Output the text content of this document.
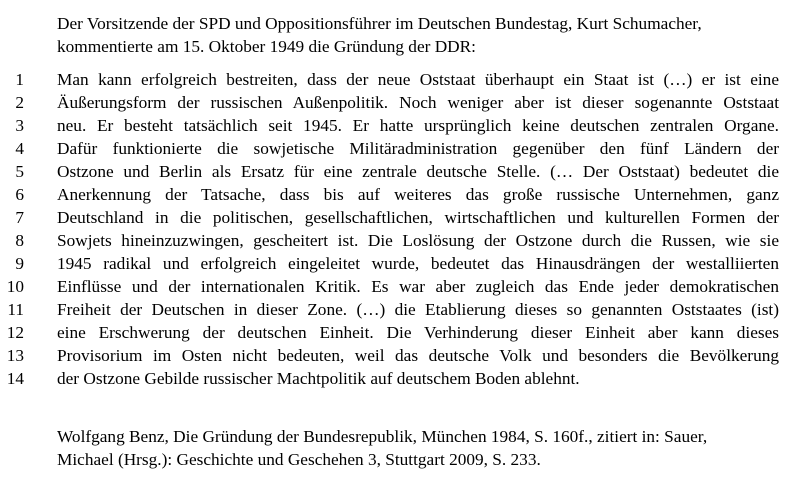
Der Vorsitzende der SPD und Oppositionsführer im Deutschen Bundestag, Kurt Schumacher,

kommentierte am 15. Oktober 1949 die Gründung der DDR:

1 Man kann erfolgreich bestreiten, dass der neue Oststaat überhaupt ein Staat ist (…) er ist eine
2 Äußerungsform der russischen Außenpolitik. Noch weniger aber ist dieser sogenannte Oststaat
3 neu. Er besteht tatsächlich seit 1945. Er hatte ursprünglich keine deutschen zentralen Organe.
4 Dafür funktionierte die sowjetische Militäradministration gegenüber den fünf Ländern der
5 Ostzone und Berlin als Ersatz für eine zentrale deutsche Stelle. (… Der Oststaat) bedeutet die
6 Anerkennung der Tatsache, dass bis auf weiteres das große russische Unternehmen, ganz
7 Deutschland in die politischen, gesellschaftlichen, wirtschaftlichen und kulturellen Formen der
8 Sowjets hineinzuzwingen, gescheitert ist. Die Loslösung der Ostzone durch die Russen, wie sie
9 1945 radikal und erfolgreich eingeleitet wurde, bedeutet das Hinausdrängen der westalliierten
10 Einflüsse und der internationalen Kritik. Es war aber zugleich das Ende jeder demokratischen
11 Freiheit der Deutschen in dieser Zone. (…) die Etablierung dieses so genannten Oststaates (ist)
12 eine Erschwerung der deutschen Einheit. Die Verhinderung dieser Einheit aber kann dieses
13 Provisorium im Osten nicht bedeuten, weil das deutsche Volk und besonders die Bevölkerung
14 der Ostzone Gebilde russischer Machtpolitik auf deutschem Boden ablehnt.

Wolfgang Benz, Die Gründung der Bundesrepublik, München 1984, S. 160f., zitiert in: Sauer,

Michael (Hrsg.): Geschichte und Geschehen 3, Stuttgart 2009, S. 233.
